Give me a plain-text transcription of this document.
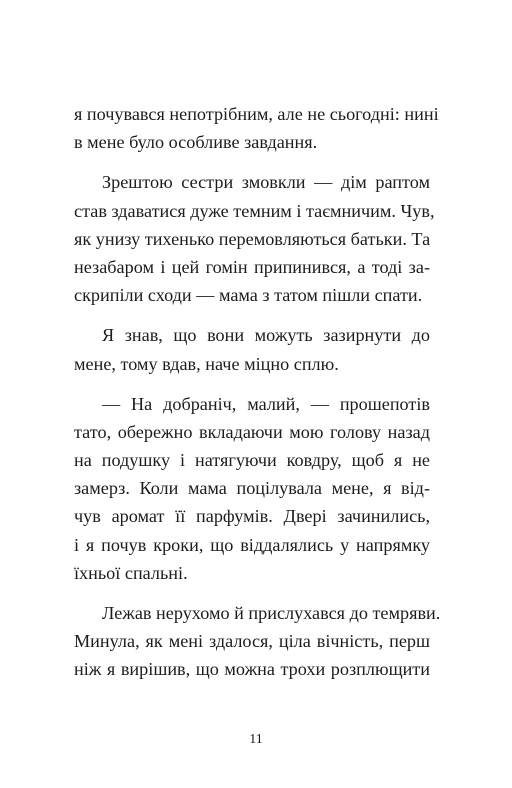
я почувався непотрібним, але не сьогодні: нині
в мене було особливе завдання.
Зрештою сестри змовкли — дім раптом
став здаватися дуже темним і таємничим. Чув,
як унизу тихенько перемовляються батьки. Та
незабаром і цей гомін припинився, а тоді за-
скрипіли сходи — мама з татом пішли спати.
Я знав, що вони можуть зазирнути до
мене, тому вдав, наче міцно сплю.
— На добраніч, малий, — прошепотів
тато, обережно вкладаючи мою голову назад
на подушку і натягуючи ковдру, щоб я не
замерз. Коли мама поцілувала мене, я від-
чув аромат її парфумів. Двері зачинились,
і я почув кроки, що віддалялись у напрямку
їхньої спальні.
Лежав нерухомо й прислухався до темряви.
Минула, як мені здалося, ціла вічність, перш
ніж я вирішив, що можна трохи розплющити
11
